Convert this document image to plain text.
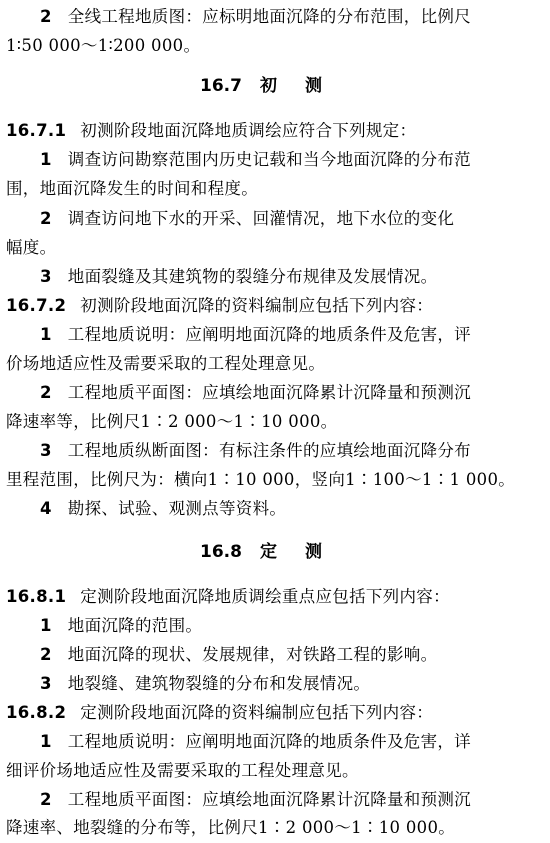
2 全线工程地质图：应标明地面沉降的分布范围，比例尺
1∶50 000～1∶200 000。
16.7 初测
16.7.1 初测阶段地面沉降地质调绘应符合下列规定：
1 调查访问勘察范围内历史记载和当今地面沉降的分布范
围，地面沉降发生的时间和程度。
2 调查访问地下水的开采、回灌情况，地下水位的变化
幅度。
3 地面裂缝及其建筑物的裂缝分布规律及发展情况。
16.7.2 初测阶段地面沉降的资料编制应包括下列内容：
1 工程地质说明：应阐明地面沉降的地质条件及危害，评
价场地适应性及需要采取的工程处理意见。
2 工程地质平面图：应填绘地面沉降累计沉降量和预测沉
降速率等，比例尺1∶2 000～1∶10 000。
3 工程地质纵断面图：有标注条件的应填绘地面沉降分布
里程范围，比例尺为：横向1∶10 000，竖向1∶100～1∶1 000。
4 勘探、试验、观测点等资料。
16.8 定测
16.8.1 定测阶段地面沉降地质调绘重点应包括下列内容：
1 地面沉降的范围。
2 地面沉降的现状、发展规律，对铁路工程的影响。
3 地裂缝、建筑物裂缝的分布和发展情况。
16.8.2 定测阶段地面沉降的资料编制应包括下列内容：
1 工程地质说明：应阐明地面沉降的地质条件及危害，详
细评价场地适应性及需要采取的工程处理意见。
2 工程地质平面图：应填绘地面沉降累计沉降量和预测沉
降速率、地裂缝的分布等，比例尺1∶2 000～1∶10 000。
